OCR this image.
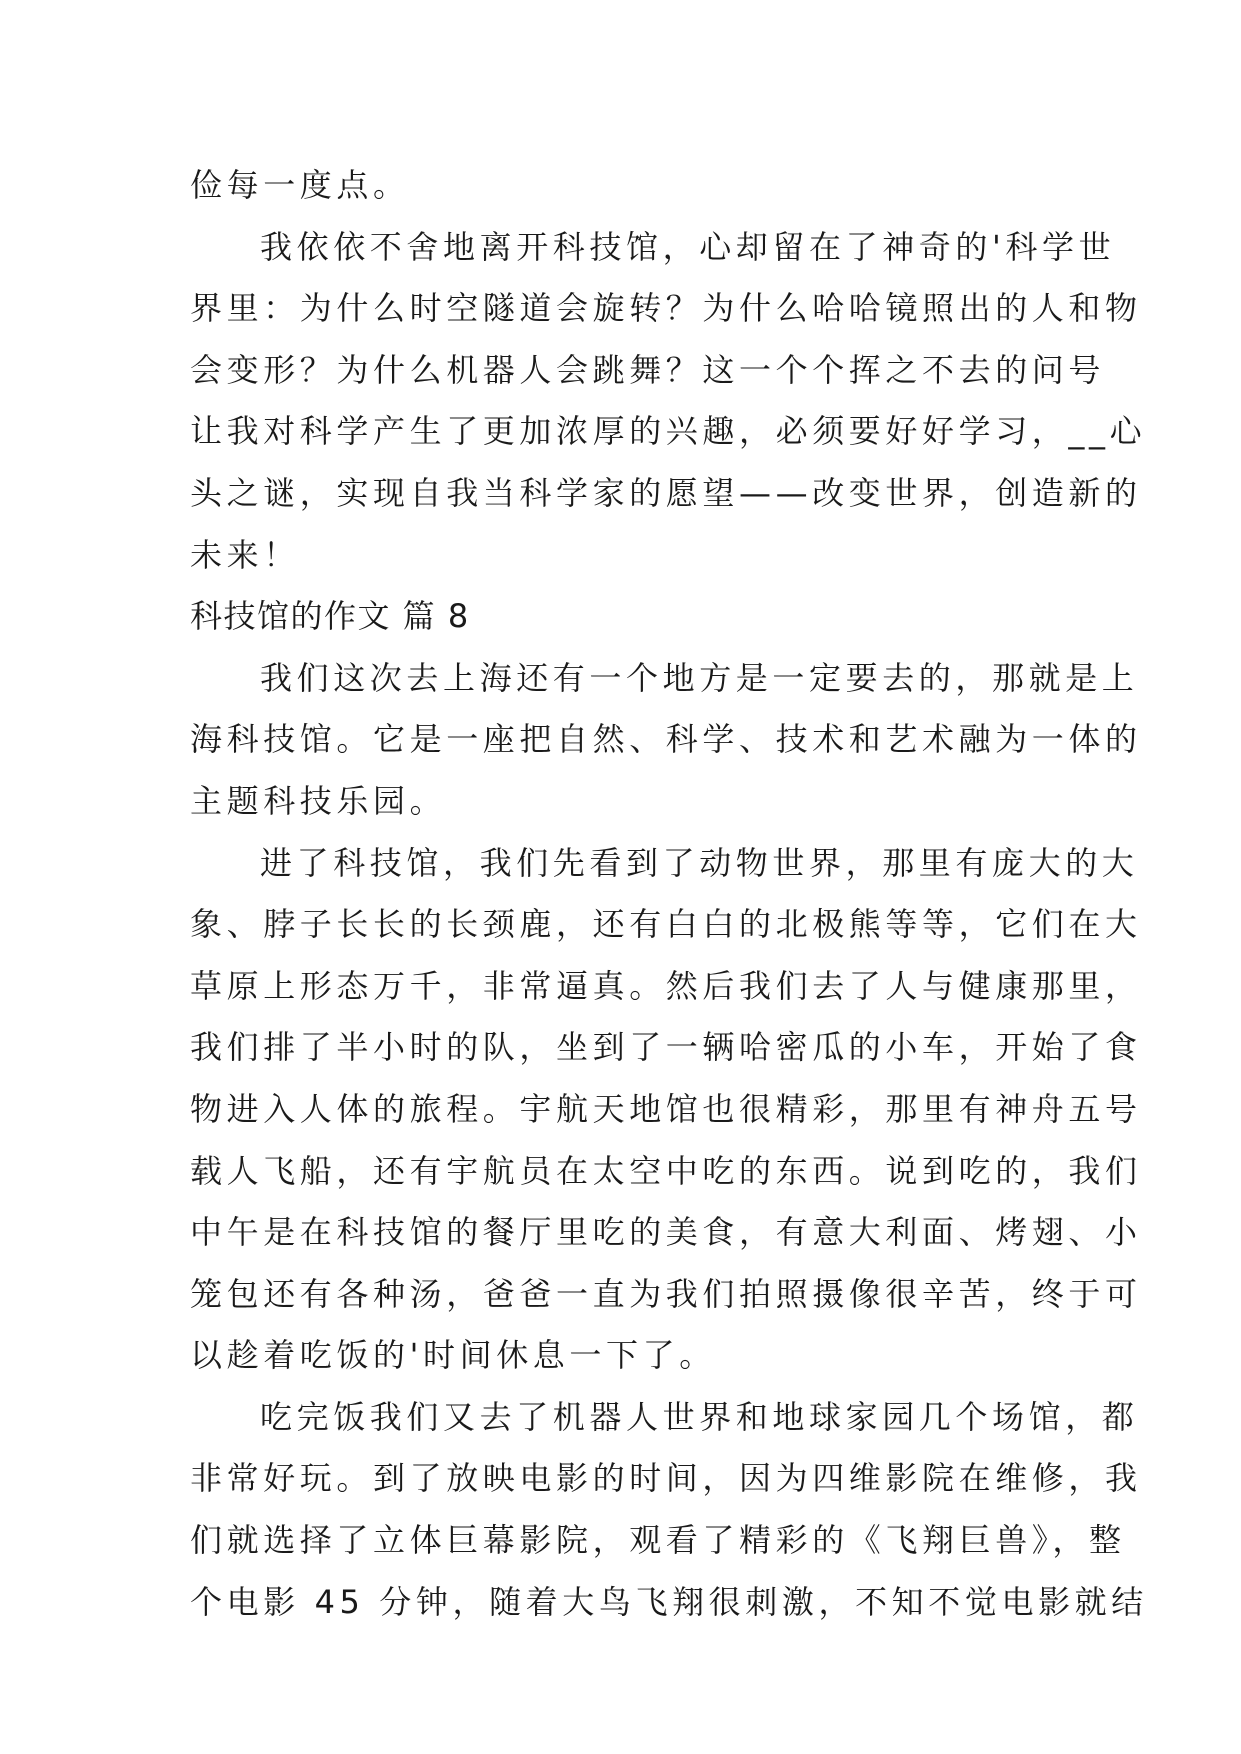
俭每一度点。
我依依不舍地离开科技馆，心却留在了神奇的'科学世
界里：为什么时空隧道会旋转？为什么哈哈镜照出的人和物
会变形？为什么机器人会跳舞？这一个个挥之不去的问号
让我对科学产生了更加浓厚的兴趣，必须要好好学习，__心
头之谜，实现自我当科学家的愿望——改变世界，创造新的
未来！
科技馆的作文 篇 8
我们这次去上海还有一个地方是一定要去的，那就是上
海科技馆。它是一座把自然、科学、技术和艺术融为一体的
主题科技乐园。
进了科技馆，我们先看到了动物世界，那里有庞大的大
象、脖子长长的长颈鹿，还有白白的北极熊等等，它们在大
草原上形态万千，非常逼真。然后我们去了人与健康那里，
我们排了半小时的队，坐到了一辆哈密瓜的小车，开始了食
物进入人体的旅程。宇航天地馆也很精彩，那里有神舟五号
载人飞船，还有宇航员在太空中吃的东西。说到吃的，我们
中午是在科技馆的餐厅里吃的美食，有意大利面、烤翅、小
笼包还有各种汤，爸爸一直为我们拍照摄像很辛苦，终于可
以趁着吃饭的'时间休息一下了。
吃完饭我们又去了机器人世界和地球家园几个场馆，都
非常好玩。到了放映电影的时间，因为四维影院在维修，我
们就选择了立体巨幕影院，观看了精彩的《飞翔巨兽》，整
个电影 45 分钟，随着大鸟飞翔很刺激，不知不觉电影就结
